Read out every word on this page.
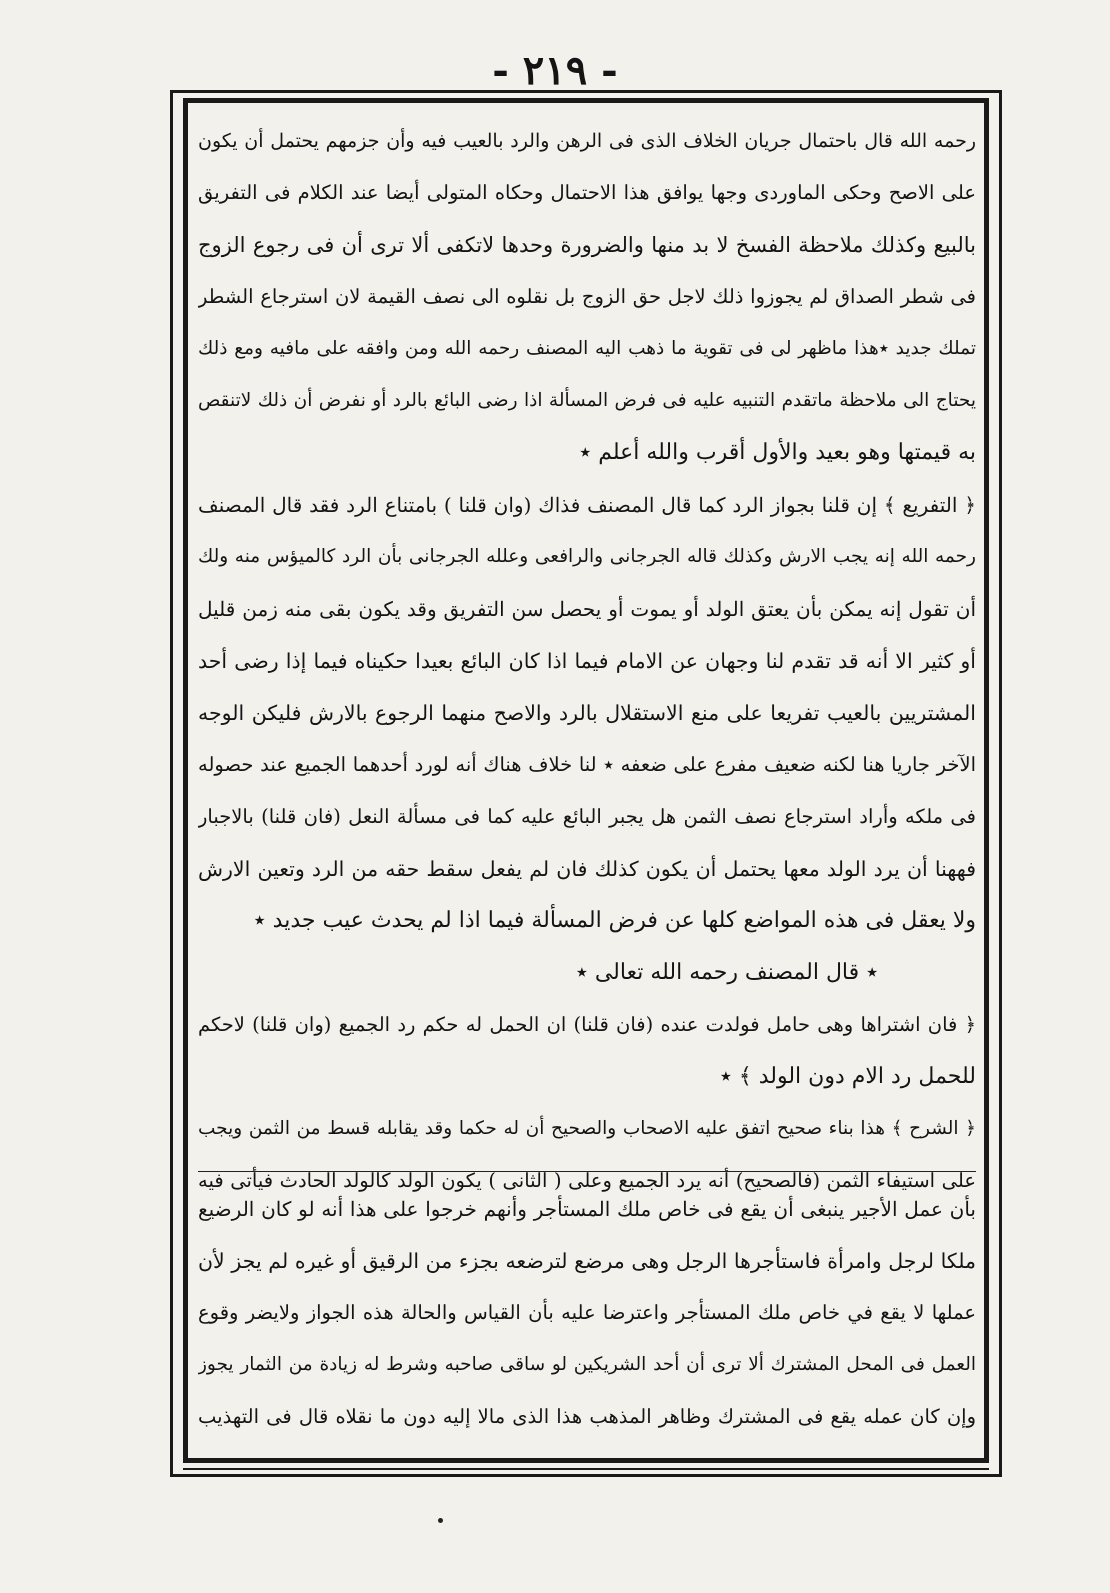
- ٢١٩ -
رحمه الله قال باحتمال جريان الخلاف الذى فى الرهن والرد بالعيب فيه وأن جزمهم يحتمل أن يكون
على الاصح وحكى الماوردى وجها يوافق هذا الاحتمال وحكاه المتولى أيضا عند الكلام فى التفريق
بالبيع وكذلك ملاحظة الفسخ لا بد منها والضرورة وحدها لاتكفى ألا ترى أن فى رجوع الزوج
فى شطر الصداق لم يجوزوا ذلك لاجل حق الزوج بل نقلوه الى نصف القيمة لان استرجاع الشطر
تملك جديد ٭هذا ماظهر لى فى تقوية ما ذهب اليه المصنف رحمه الله ومن وافقه على مافيه ومع ذلك
يحتاج الى ملاحظة ماتقدم التنبيه عليه فى فرض المسألة اذا رضى البائع بالرد أو نفرض أن ذلك لاتنقص
به قيمتها وهو بعيد والأول أقرب والله أعلم ٭
﴿ التفريع ﴾ إن قلنا بجواز الرد كما قال المصنف فذاك (وان قلنا ) بامتناع الرد فقد قال المصنف
رحمه الله إنه يجب الارش وكذلك قاله الجرجانى والرافعى وعلله الجرجانى بأن الرد كالميؤس منه ولك
أن تقول إنه يمكن بأن يعتق الولد أو يموت أو يحصل سن التفريق وقد يكون بقى منه زمن قليل
أو كثير الا أنه قد تقدم لنا وجهان عن الامام فيما اذا كان البائع بعيدا حكيناه فيما إذا رضى أحد
المشتريين بالعيب تفريعا على منع الاستقلال بالرد والاصح منهما الرجوع بالارش فليكن الوجه
الآخر جاريا هنا لكنه ضعيف مفرع على ضعفه ٭ لنا خلاف هناك أنه لورد أحدهما الجميع عند حصوله
فى ملكه وأراد استرجاع نصف الثمن هل يجبر البائع عليه كما فى مسألة النعل (فان قلنا) بالاجبار
فههنا أن يرد الولد معها يحتمل أن يكون كذلك فان لم يفعل سقط حقه من الرد وتعين الارش
ولا يعقل فى هذه المواضع كلها عن فرض المسألة فيما اذا لم يحدث عيب جديد ٭
٭ قال المصنف رحمه الله تعالى ٭
﴿ فان اشتراها وهى حامل فولدت عنده (فان قلنا) ان الحمل له حكم رد الجميع (وان قلنا) لاحكم
للحمل رد الام دون الولد ﴾ ٭
﴿ الشرح ﴾ هذا بناء صحيح اتفق عليه الاصحاب والصحيح أن له حكما وقد يقابله قسط من الثمن ويجب
على استيفاء الثمن (فالصحيح) أنه يرد الجميع وعلى ( الثانى ) يكون الولد كالولد الحادث فيأتى فيه
بأن عمل الأجير ينبغى أن يقع فى خاص ملك المستأجر وأنهم خرجوا على هذا أنه لو كان الرضيع
ملكا لرجل وامرأة فاستأجرها الرجل وهى مرضع لترضعه بجزء من الرقيق أو غيره لم يجز لأن
عملها لا يقع في خاص ملك المستأجر واعترضا عليه بأن القياس والحالة هذه الجواز ولايضر وقوع
العمل فى المحل المشترك ألا ترى أن أحد الشريكين لو ساقى صاحبه وشرط له زيادة من الثمار يجوز
وإن كان عمله يقع فى المشترك وظاهر المذهب هذا الذى مالا إليه دون ما نقلاه قال فى التهذيب
